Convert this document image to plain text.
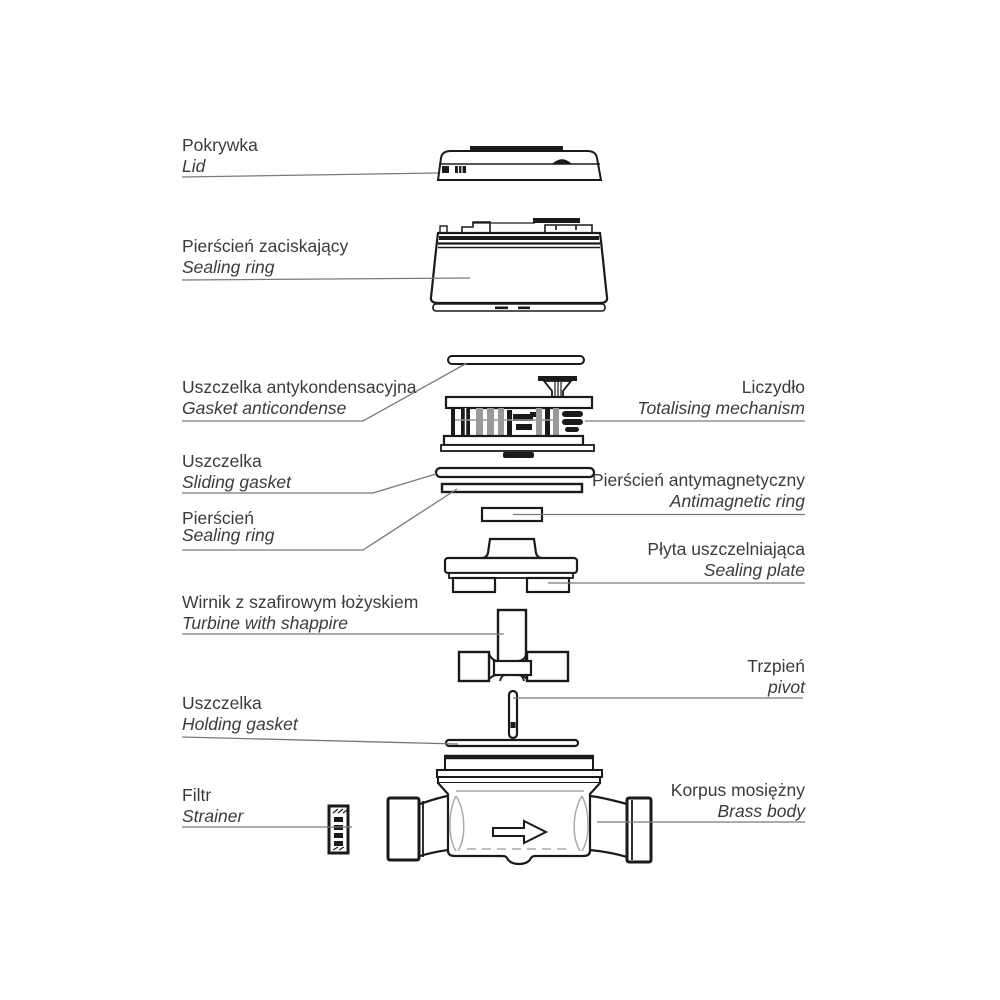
Pokrywka
Lid
Pierścień zaciskający
Sealing ring
Uszczelka antykondensacyjna
Gasket anticondense
Uszczelka
Sliding gasket
Pierścień
Sealing ring
Wirnik z szafirowym łożyskiem
Turbine with shappire
Uszczelka
Holding gasket
Filtr
Strainer
Liczydło
Totalising mechanism
Pierścień antymagnetyczny
Antimagnetic ring
Płyta uszczelniająca
Sealing plate
Trzpień
pivot
Korpus mosiężny
Brass body
